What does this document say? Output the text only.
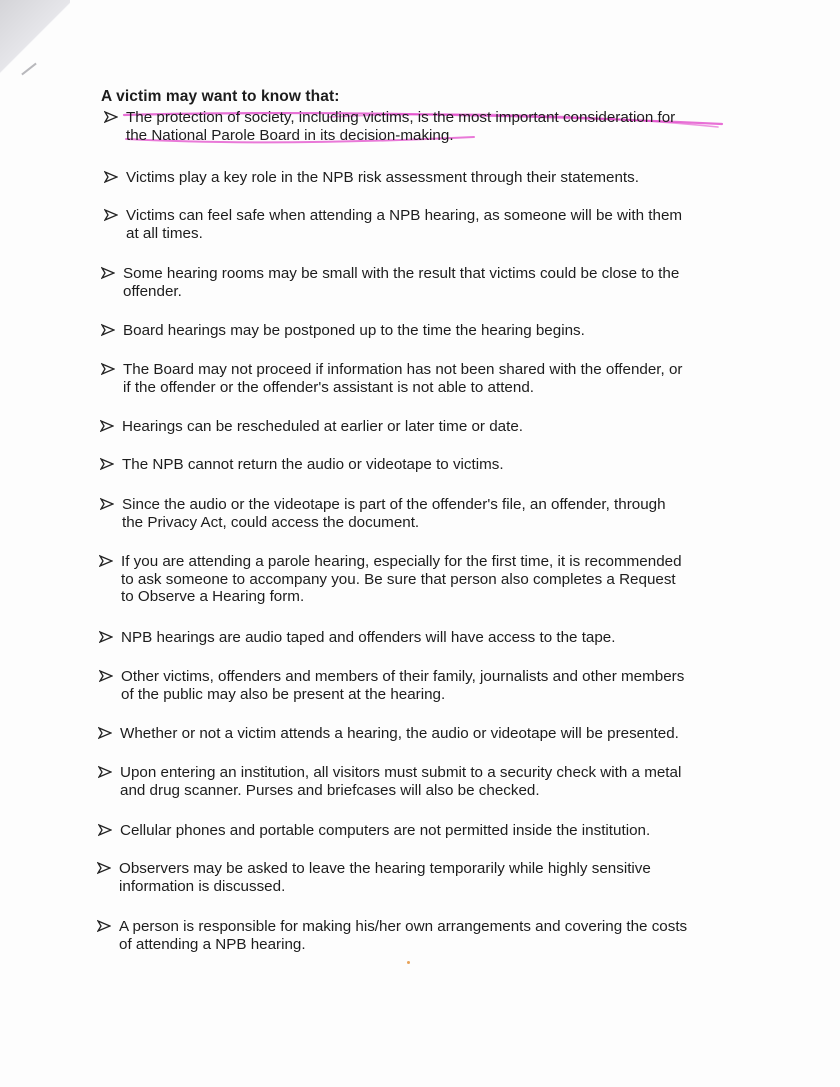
A victim may want to know that:
The protection of society, including victims, is the most important consideration for
the National Parole Board in its decision-making.
Victims play a key role in the NPB risk assessment through their statements.
Victims can feel safe when attending a NPB hearing, as someone will be with them
at all times.
Some hearing rooms may be small with the result that victims could be close to the
offender.
Board hearings may be postponed up to the time the hearing begins.
The Board may not proceed if information has not been shared with the offender, or
if the offender or the offender's assistant is not able to attend.
Hearings can be rescheduled at earlier or later time or date.
The NPB cannot return the audio or videotape to victims.
Since the audio or the videotape is part of the offender's file, an offender, through
the Privacy Act, could access the document.
If you are attending a parole hearing, especially for the first time, it is recommended
to ask someone to accompany you. Be sure that person also completes a Request
to Observe a Hearing form.
NPB hearings are audio taped and offenders will have access to the tape.
Other victims, offenders and members of their family, journalists and other members
of the public may also be present at the hearing.
Whether or not a victim attends a hearing, the audio or videotape will be presented.
Upon entering an institution, all visitors must submit to a security check with a metal
and drug scanner. Purses and briefcases will also be checked.
Cellular phones and portable computers are not permitted inside the institution.
Observers may be asked to leave the hearing temporarily while highly sensitive
information is discussed.
A person is responsible for making his/her own arrangements and covering the costs
of attending a NPB hearing.
